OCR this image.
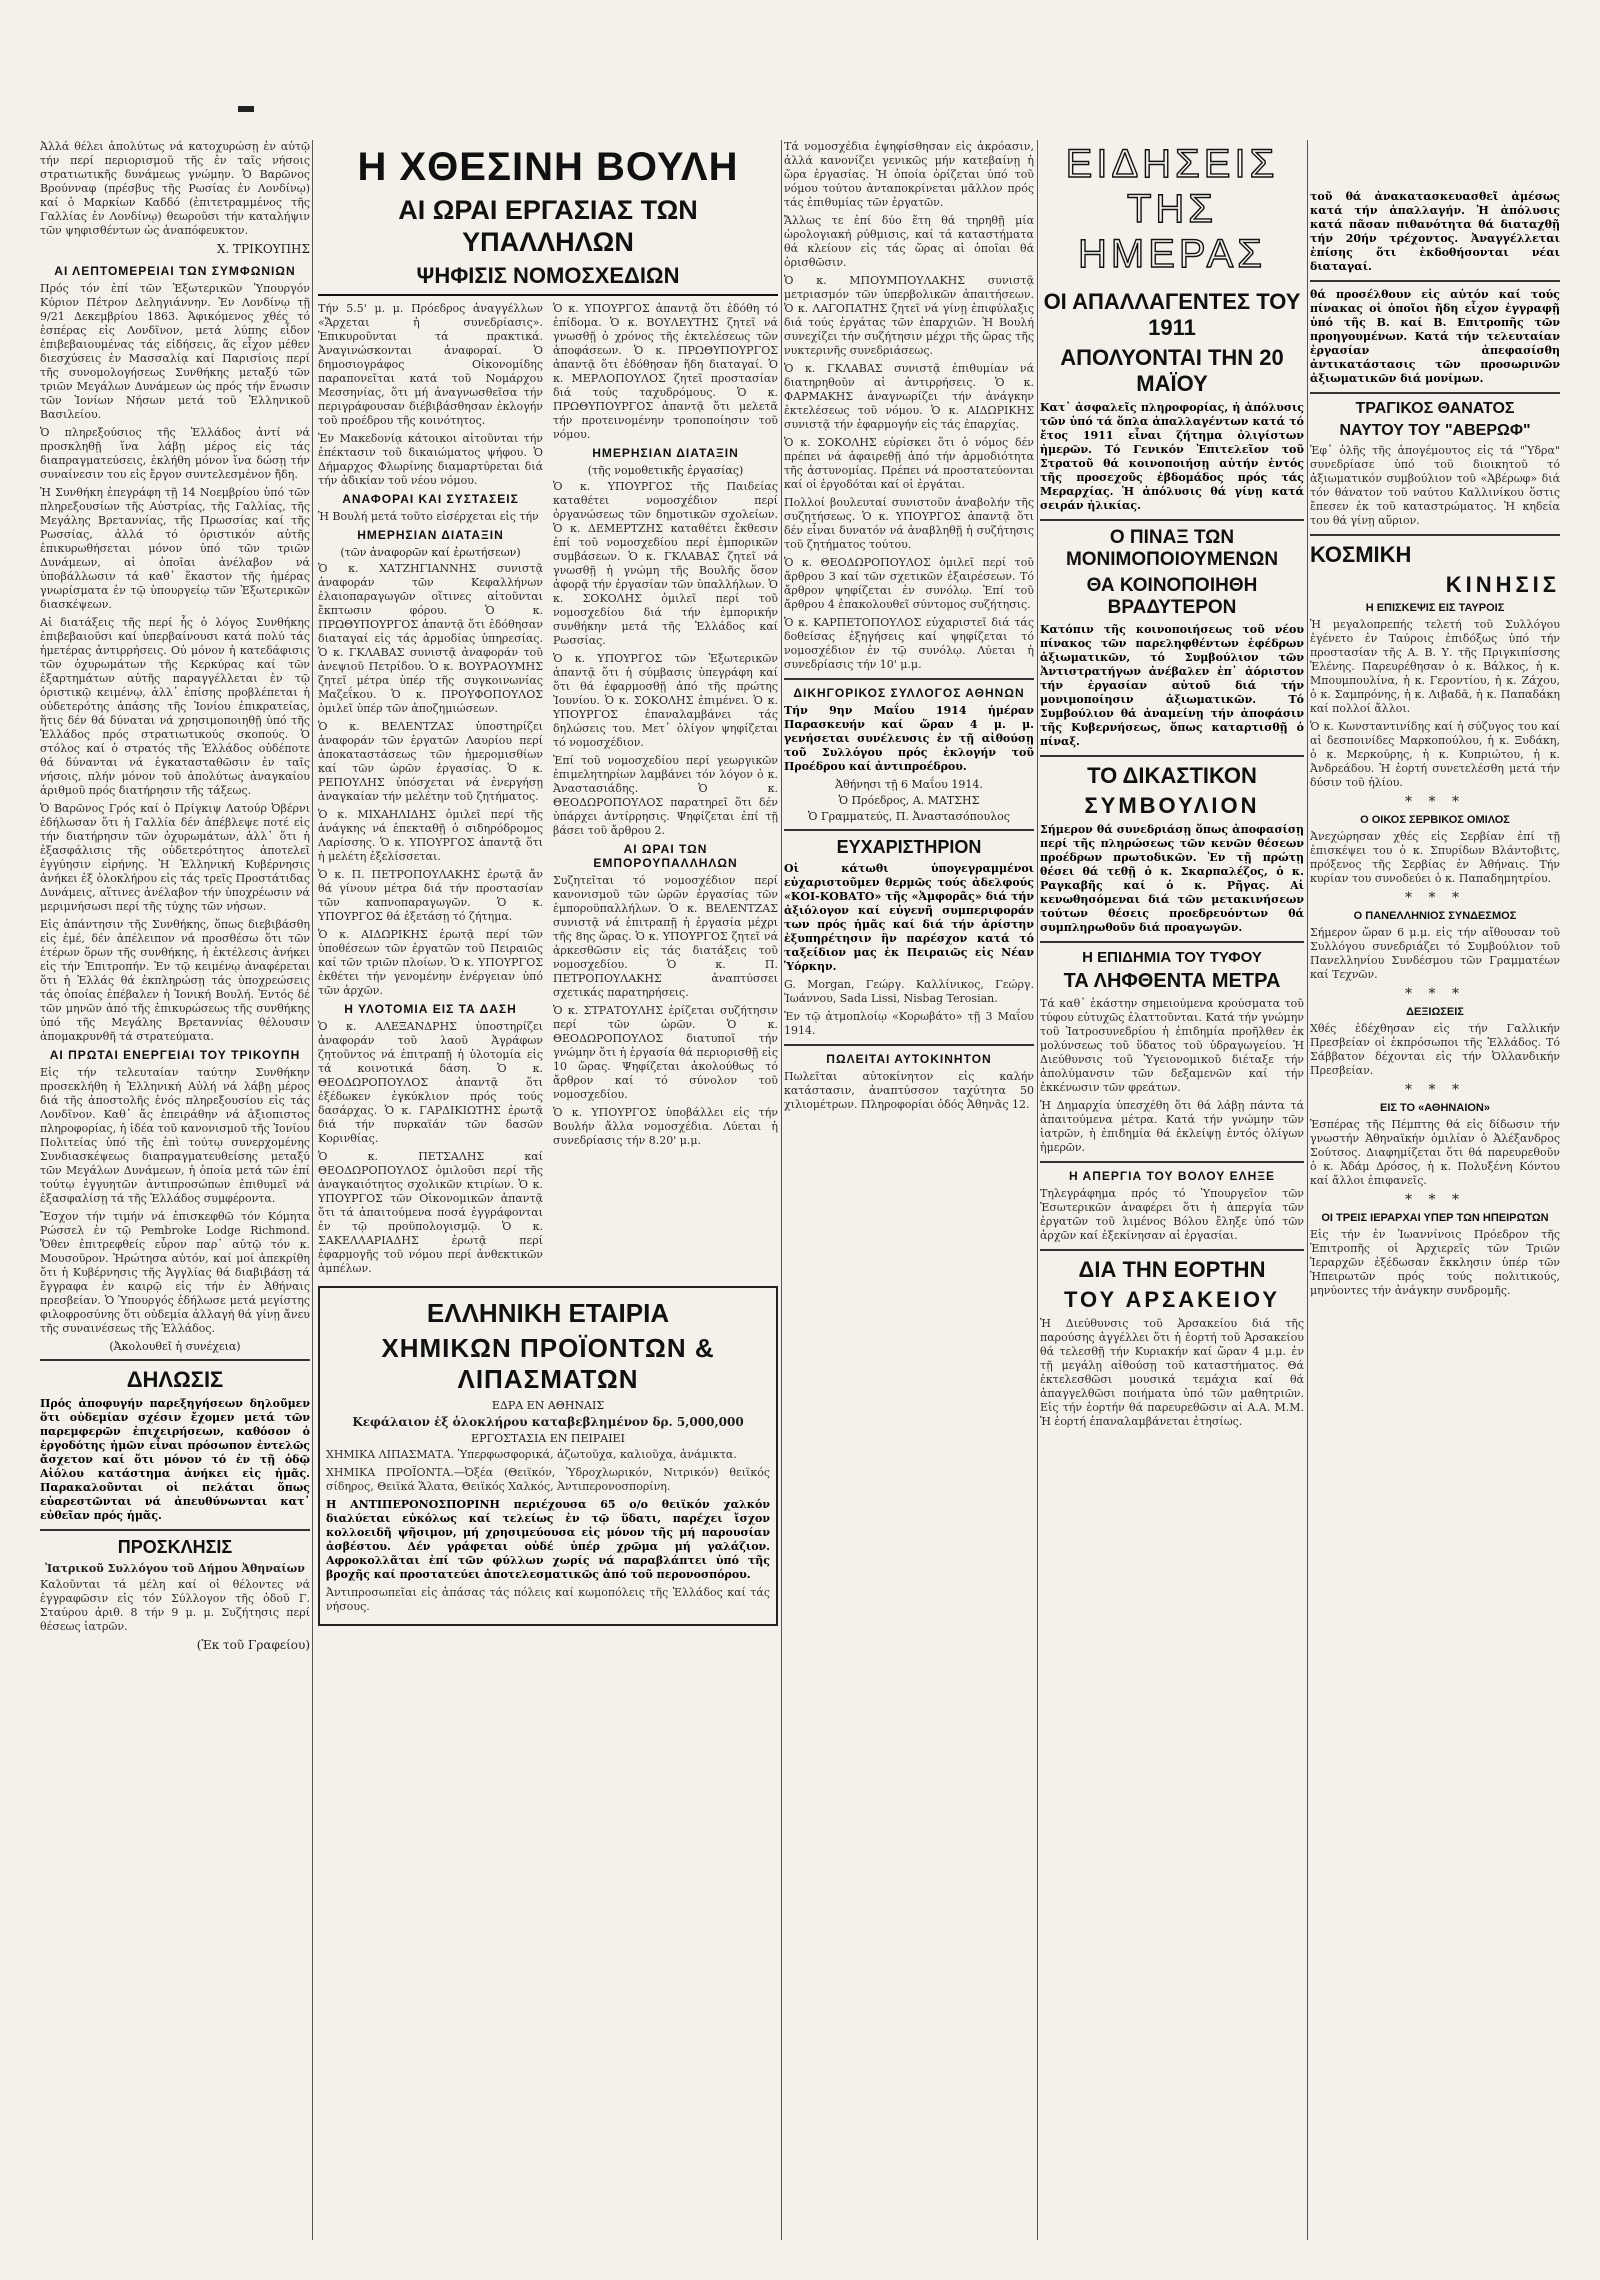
Ἀλλά θέλει ἀπολύτως νά κατοχυρώσῃ ἐν αὐτῷ τήν περί περιορισμοῦ τῆς ἐν ταῖς νήσοις στρατιωτικῆς δυνάμεως γνώμην. Ὁ Βαρῶνος Βρούνναφ (πρέσβυς τῆς Ρωσίας ἐν Λονδίνῳ) καί ὁ Μαρκίων Καδδό (ἐπιτετραμμένος τῆς Γαλλίας ἐν Λονδίνῳ) θεωροῦσι τήν καταλήψιν τῶν ψηφισθέντων ὡς ἀναπόφευκτον.

Χ. ΤΡΙΚΟΥΠΗΣ
ΑΙ ΛΕΠΤΟΜΕΡΕΙΑΙ ΤΩΝ ΣΥΜΦΩΝΙΩΝ

Πρός τόν ἐπί τῶν Ἐξωτερικῶν Ὑπουργόν Κύριον Πέτρον Δεληγιάννην. Ἐν Λονδίνῳ τῇ 9/21 Δεκεμβρίου 1863. Ἀφικόμενος χθές τό ἑσπέρας εἰς Λονδῖνον, μετά λύπης εἶδον ἐπιβεβαιουμένας τάς εἰδήσεις, ἅς εἶχον μέθεν διεσχύσεις ἐν Μασσαλίᾳ καί Παρισίοις περί τῆς συνομολογήσεως Συνθήκης μεταξύ τῶν τριῶν Μεγάλων Δυνάμεων ὡς πρός τήν ἕνωσιν τῶν Ἰονίων Νήσων μετά τοῦ Ἑλληνικοῦ Βασιλείου.

Ὁ πληρεξούσιος τῆς Ἑλλάδος ἀντί νά προσκληθῇ ἵνα λάβῃ μέρος εἰς τάς διαπραγματεύσεις, ἐκλήθη μόνον ἵνα δώσῃ τήν συναίνεσιν του εἰς ἔργον συντελεσμένον ἤδη.

Ἡ Συνθήκη ἐπεγράφη τῇ 14 Νοεμβρίου ὑπό τῶν πληρεξουσίων τῆς Αὐστρίας, τῆς Γαλλίας, τῆς Μεγάλης Βρεταννίας, τῆς Πρωσσίας καί τῆς Ρωσσίας, ἀλλά τό ὁριστικόν αὐτῆς ἐπικυρωθήσεται μόνον ὑπό τῶν τριῶν Δυνάμεων, αἱ ὁποῖαι ἀνέλαβον νά ὑποβάλλωσιν τά καθ᾽ ἕκαστον τῆς ἡμέρας γνωρίσματα ἐν τῷ ὑπουργείῳ τῶν Ἐξωτερικῶν διασκέψεων.

Αἱ διατάξεις τῆς περί ἧς ὁ λόγος Συνθήκης ἐπιβεβαιοῦσι καί ὑπερβαίνουσι κατά πολύ τάς ἡμετέρας ἀντιρρήσεις. Οὐ μόνον ἡ κατεδάφισις τῶν ὀχυρωμάτων τῆς Κερκύρας καί τῶν ἐξαρτημάτων αὐτῆς παραγγέλλεται ἐν τῷ ὁριστικῷ κειμένῳ, ἀλλ᾽ ἐπίσης προβλέπεται ἡ οὐδετερότης ἁπάσης τῆς Ἰονίου ἐπικρατείας, ἥτις δέν θά δύναται νά χρησιμοποιηθῇ ὑπό τῆς Ἑλλάδος πρός στρατιωτικούς σκοπούς. Ὁ στόλος καί ὁ στρατός τῆς Ἑλλάδος οὐδέποτε θά δύνανται νά ἐγκατασταθῶσιν ἐν ταῖς νήσοις, πλήν μόνον τοῦ ἀπολύτως ἀναγκαίου ἀριθμοῦ πρός διατήρησιν τῆς τάξεως.

Ὁ Βαρῶνος Γρός καί ὁ Πρίγκιψ Λατούρ Ὀβέρνι ἐδήλωσαν ὅτι ἡ Γαλλία δέν ἀπέβλεψε ποτέ εἰς τήν διατήρησιν τῶν ὀχυρωμάτων, ἀλλ᾽ ὅτι ἡ ἐξασφάλισις τῆς οὐδετερότητος ἀποτελεῖ ἐγγύησιν εἰρήνης. Ἡ Ἑλληνική Κυβέρνησις ἀνήκει ἐξ ὁλοκλήρου εἰς τάς τρεῖς Προστάτιδας Δυνάμεις, αἵτινες ἀνέλαβον τήν ὑποχρέωσιν νά μεριμνήσωσι περί τῆς τύχης τῶν νήσων.

Εἰς ἀπάντησιν τῆς Συνθήκης, ὅπως διεβιβάσθη εἰς ἐμέ, δέν ἀπέλειπον νά προσθέσω ὅτι τῶν ἐτέρων ὅρων τῆς συνθήκης, ἡ ἐκτέλεσις ἀνήκει εἰς τήν Ἐπιτροπήν. Ἐν τῷ κειμένῳ ἀναφέρεται ὅτι ἡ Ἑλλάς θά ἐκπληρώσῃ τάς ὑποχρεώσεις τάς ὁποίας ἐπέβαλεν ἡ Ἰονική Βουλή. Ἐντός δέ τῶν μηνῶν ἀπό τῆς ἐπικυρώσεως τῆς συνθήκης ὑπό τῆς Μεγάλης Βρεταννίας θέλουσιν ἀπομακρυνθῆ τά στρατεύματα.

ΑΙ ΠΡΩΤΑΙ ΕΝΕΡΓΕΙΑΙ ΤΟΥ ΤΡΙΚΟΥΠΗ

Εἰς τήν τελευταίαν ταύτην Συνθήκην προσεκλήθη ἡ Ἑλληνική Αὐλή νά λάβῃ μέρος διά τῆς ἀποστολῆς ἑνός πληρεξουσίου εἰς τάς Λονδῖνον. Καθ᾽ ἅς ἐπειράθην νά ἀξιοπιστος πληροφορίας, ἡ ἰδέα τοῦ κανονισμοῦ τῆς Ἰονίου Πολιτείας ὑπό τῆς ἐπὶ τούτῳ συνερχομένης Συνδιασκέψεως διαπραγματευθείσης μεταξύ τῶν Μεγάλων Δυνάμεων, ἡ ὁποία μετά τῶν ἐπί τούτῳ ἐγγυητῶν ἀντιπροσώπων ἐπιθυμεῖ νά ἐξασφαλίσῃ τά τῆς Ἑλλάδος συμφέροντα.

Ἔσχον τήν τιμήν νά ἐπισκεφθῶ τόν Κόμητα Ρώσσελ ἐν τῷ Pembroke Lodge Richmond. Ὅθεν ἐπιτρεφθείς εὗρον παρ᾽ αὐτῷ τόν κ. Μουσοῦρον. Ἠρώτησα αὐτόν, καί μοί ἀπεκρίθη ὅτι ἡ Κυβέρνησις τῆς Ἀγγλίας θά διαβιβάσῃ τά ἔγγραφα ἐν καιρῷ εἰς τήν ἐν Ἀθήναις πρεσβείαν. Ὁ Ὑπουργός ἐδήλωσε μετά μεγίστης φιλοφροσύνης ὅτι οὐδεμία ἀλλαγή θά γίνῃ ἄνευ τῆς συναινέσεως τῆς Ἑλλάδος.

(Ἀκολουθεῖ ἡ συνέχεια)
ΔΗΛΩΣΙΣ

Πρός ἀποφυγήν παρεξηγήσεων δηλοῦμεν ὅτι οὐδεμίαν σχέσιν ἔχομεν μετά τῶν παρεμφερῶν ἐπιχειρήσεων, καθόσον ὁ ἐργοδότης ἡμῶν εἶναι πρόσωπον ἐντελῶς ἄσχετον καί ὅτι μόνον τό ἐν τῇ ὁδῷ Αἰόλου κατάστημα ἀνήκει εἰς ἡμᾶς. Παρακαλοῦνται οἱ πελάται ὅπως εὐαρεστῶνται νά ἀπευθύνωνται κατ᾽ εὐθεῖαν πρός ἡμᾶς.

ΠΡΟΣΚΛΗΣΙΣ
Ἰατρικοῦ Συλλόγου τοῦ Δήμου Ἀθηναίων

Καλοῦνται τά μέλη καί οἱ θέλοντες νά ἐγγραφῶσιν εἰς τόν Σύλλογον τῆς ὁδοῦ Γ. Σταύρου ἀριθ. 8 τήν 9 μ. μ. Συζήτησις περί θέσεως ἰατρῶν.

(Ἐκ τοῦ Γραφείου)
Η ΧΘΕΣΙΝΗ ΒΟΥΛΗ
ΑΙ ΩΡΑΙ ΕΡΓΑΣΙΑΣ ΤΩΝ ΥΠΑΛΛΗΛΩΝ
ΨΗΦΙΣΙΣ ΝΟΜΟΣΧΕΔΙΩΝ

Τήν 5.5' μ. μ. Πρόεδρος ἀναγγέλλων «Ἄρχεται ἡ συνεδρίασις». Ἐπικυροῦνται τά πρακτικά. Ἀναγινώσκονται ἀναφοραί. Ὁ δημοσιογράφος Οἰκονομίδης παραπονεῖται κατά τοῦ Νομάρχου Μεσσηνίας, ὅτι μή ἀναγνωσθεῖσα τήν περιγράφουσαν διέβιβάσθησαν ἐκλογήν τοῦ προέδρου τῆς κοινότητος.

Ἐν Μακεδονίᾳ κάτοικοι αἰτοῦνται τήν ἐπέκτασιν τοῦ δικαιώματος ψήφου. Ὁ Δήμαρχος Φλωρίνης διαμαρτύρεται διά τήν ἀδικίαν τοῦ νέου νόμου.

ΑΝΑΦΟΡΑΙ ΚΑΙ ΣΥΣΤΑΣΕΙΣ

Ἡ Βουλή μετά τοῦτο εἰσέρχεται εἰς τήν

ΗΜΕΡΗΣΙΑΝ ΔΙΑΤΑΞΙΝ
(τῶν ἀναφορῶν καί ἐρωτήσεων)

Ὁ κ. ΧΑΤΖΗΓΙΑΝΝΗΣ συνιστᾷ ἀναφοράν τῶν Κεφαλλήνων ἐλαιοπαραγωγῶν οἵτινες αἰτοῦνται ἔκπτωσιν φόρου. Ὁ κ. ΠΡΩΘΥΠΟΥΡΓΟΣ ἀπαντᾷ ὅτι ἐδόθησαν διαταγαί εἰς τάς ἁρμοδίας ὑπηρεσίας. Ὁ κ. ΓΚΛΑΒΑΣ συνιστᾷ ἀναφοράν τοῦ ἀνεψιοῦ Πετρίδου. Ὁ κ. ΒΟΥΡΑΟΥΜΗΣ ζητεῖ μέτρα ὑπέρ τῆς συγκοινωνίας Μαζεΐκου. Ὁ κ. ΠΡΟΥΦΟΠΟΥΛΟΣ ὁμιλεῖ ὑπέρ τῶν ἀποζημιώσεων.

Ὁ κ. ΒΕΛΕΝΤΖΑΣ ὑποστηρίζει ἀναφοράν τῶν ἐργατῶν Λαυρίου περί ἀποκαταστάσεως τῶν ἡμερομισθίων καί τῶν ὡρῶν ἐργασίας. Ὁ κ. ΡΕΠΟΥΛΗΣ ὑπόσχεται νά ἐνεργήσῃ ἀναγκαίαν τήν μελέτην τοῦ ζητήματος.

Ὁ κ. ΜΙΧΑΗΛΙΔΗΣ ὁμιλεῖ περί τῆς ἀνάγκης νά ἐπεκταθῇ ὁ σιδηρόδρομος Λαρίσσης. Ὁ κ. ΥΠΟΥΡΓΟΣ ἀπαντᾷ ὅτι ἡ μελέτη ἐξελίσσεται.

Ὁ κ. Π. ΠΕΤΡΟΠΟΥΛΑΚΗΣ ἐρωτᾷ ἄν θά γίνουν μέτρα διά τήν προστασίαν τῶν καπνοπαραγωγῶν. Ὁ κ. ΥΠΟΥΡΓΟΣ θά ἐξετάσῃ τό ζήτημα.

Ὁ κ. ΑΙΔΩΡΙΚΗΣ ἐρωτᾷ περί τῶν ὑποθέσεων τῶν ἐργατῶν τοῦ Πειραιῶς καί τῶν τριῶν πλοίων. Ὁ κ. ΥΠΟΥΡΓΟΣ ἐκθέτει τήν γενομένην ἐνέργειαν ὑπό τῶν ἀρχῶν.

Η ΥΛΟΤΟΜΙΑ ΕΙΣ ΤΑ ΔΑΣΗ

Ὁ κ. ΑΛΕΞΑΝΔΡΗΣ ὑποστηρίζει ἀναφοράν τοῦ λαοῦ Ἀγράφων ζητοῦντος νά ἐπιτραπῇ ἡ ὑλοτομία εἰς τά κοινοτικά δάση. Ὁ κ. ΘΕΟΔΩΡΟΠΟΥΛΟΣ ἀπαντᾷ ὅτι ἐξέδωκεν ἐγκύκλιον πρός τούς δασάρχας. Ὁ κ. ΓΑΡΔΙΚΙΩΤΗΣ ἐρωτᾷ διά τήν πυρκαϊάν τῶν δασῶν Κορινθίας.

Ὁ κ. ΠΕΤΣΑΛΗΣ καί ΘΕΟΔΩΡΟΠΟΥΛΟΣ ὁμιλοῦσι περί τῆς ἀναγκαιότητος σχολικῶν κτιρίων. Ὁ κ. ΥΠΟΥΡΓΟΣ τῶν Οἰκονομικῶν ἀπαντᾷ ὅτι τά ἀπαιτούμενα ποσά ἐγγράφονται ἐν τῷ προϋπολογισμῷ. Ὁ κ. ΣΑΚΕΛΛΑΡΙΑΔΗΣ ἐρωτᾷ περί ἐφαρμογῆς τοῦ νόμου περί ἀνθεκτικῶν ἀμπέλων.

Ὁ κ. ΥΠΟΥΡΓΟΣ ἀπαντᾷ ὅτι ἐδόθη τό ἐπίδομα. Ὁ κ. ΒΟΥΛΕΥΤΗΣ ζητεῖ νά γνωσθῇ ὁ χρόνος τῆς ἐκτελέσεως τῶν ἀποφάσεων. Ὁ κ. ΠΡΩΘΥΠΟΥΡΓΟΣ ἀπαντᾷ ὅτι ἐδόθησαν ἤδη διαταγαί. Ὁ κ. ΜΕΡΛΟΠΟΥΛΟΣ ζητεῖ προστασίαν διά τούς ταχυδρόμους. Ὁ κ. ΠΡΩΘΥΠΟΥΡΓΟΣ ἀπαντᾷ ὅτι μελετᾶ τήν προτεινομένην τροποποίησιν τοῦ νόμου.

ΗΜΕΡΗΣΙΑΝ ΔΙΑΤΑΞΙΝ
(τῆς νομοθετικῆς ἐργασίας)

Ὁ κ. ΥΠΟΥΡΓΟΣ τῆς Παιδείας καταθέτει νομοσχέδιον περί ὀργανώσεως τῶν δημοτικῶν σχολείων. Ὁ κ. ΔΕΜΕΡΤΖΗΣ καταθέτει ἔκθεσιν ἐπί τοῦ νομοσχεδίου περί ἐμπορικῶν συμβάσεων. Ὁ κ. ΓΚΛΑΒΑΣ ζητεῖ νά γνωσθῇ ἡ γνώμη τῆς Βουλῆς ὅσον ἀφορᾷ τήν ἐργασίαν τῶν ὑπαλλήλων. Ὁ κ. ΣΟΚΟΛΗΣ ὁμιλεῖ περί τοῦ νομοσχεδίου διά τήν ἐμπορικήν συνθήκην μετά τῆς Ἐλλάδος καί Ρωσσίας.

Ὁ κ. ΥΠΟΥΡΓΟΣ τῶν Ἐξωτερικῶν ἀπαντᾷ ὅτι ἡ σύμβασις ὑπεγράφη καί ὅτι θά ἐφαρμοσθῇ ἀπό τῆς πρώτης Ἰουνίου. Ὁ κ. ΣΟΚΟΛΗΣ ἐπιμένει. Ὁ κ. ΥΠΟΥΡΓΟΣ ἐπαναλαμβάνει τάς δηλώσεις του. Μετ᾽ ὀλίγον ψηφίζεται τό νομοσχέδιον.

Ἐπί τοῦ νομοσχεδίου περί γεωργικῶν ἐπιμελητηρίων λαμβάνει τόν λόγον ὁ κ. Ἀναστασιάδης. Ὁ κ. ΘΕΟΔΩΡΟΠΟΥΛΟΣ παρατηρεῖ ὅτι δέν ὑπάρχει ἀντίρρησις. Ψηφίζεται ἐπί τῇ βάσει τοῦ ἄρθρου 2.

ΑΙ ΩΡΑΙ ΤΩΝ ΕΜΠΟΡΟΥΠΑΛΛΗΛΩΝ

Συζητεῖται τό νομοσχέδιον περί κανονισμοῦ τῶν ὡρῶν ἐργασίας τῶν ἐμποροϋπαλλήλων. Ὁ κ. ΒΕΛΕΝΤΖΑΣ συνιστᾷ νά ἐπιτραπῇ ἡ ἐργασία μέχρι τῆς 8ης ὥρας. Ὁ κ. ΥΠΟΥΡΓΟΣ ζητεῖ νά ἀρκεσθῶσιν εἰς τάς διατάξεις τοῦ νομοσχεδίου. Ὁ κ. Π. ΠΕΤΡΟΠΟΥΛΑΚΗΣ ἀναπτύσσει σχετικάς παρατηρήσεις.

Ὁ κ. ΣΤΡΑΤΟΥΛΗΣ ἐρίζεται συζήτησιν περί τῶν ὡρῶν. Ὁ κ. ΘΕΟΔΩΡΟΠΟΥΛΟΣ διατυποῖ τήν γνώμην ὅτι ἡ ἐργασία θά περιορισθῇ εἰς 10 ὥρας. Ψηφίζεται ἀκολούθως τό ἄρθρον καί τό σύνολον τοῦ νομοσχεδίου.

Ὁ κ. ΥΠΟΥΡΓΟΣ ὑποβάλλει εἰς τήν Βουλήν ἄλλα νομοσχέδια. Λύεται ἡ συνεδρίασις τήν 8.20' μ.μ.

ΕΛΛΗΝΙΚΗ ΕΤΑΙΡΙΑ
ΧΗΜΙΚΩΝ ΠΡΟΪΟΝΤΩΝ & ΛΙΠΑΣΜΑΤΩΝ
ΕΔΡΑ ΕΝ ΑΘΗΝΑΙΣ
Κεφάλαιον ἐξ ὁλοκλήρου καταβεβλημένον δρ. 5,000,000
ΕΡΓΟΣΤΑΣΙΑ ΕΝ ΠΕΙΡΑΙΕΙ

ΧΗΜΙΚΑ ΛΙΠΑΣΜΑΤΑ. Ὑπερφωσφορικά, ἀζωτοῦχα, καλιοῦχα, ἀνάμικτα.

ΧΗΜΙΚΑ ΠΡΟΪΟΝΤΑ.—Ὀξέα (Θειϊκόν, Ὑδροχλωρικόν, Νιτρικόν) θειϊκός σίδηρος, Θειϊκά Ἅλατα, Θειϊκός Χαλκός, Ἀντιπερονοσπορίνη.

Η ΑΝΤΙΠΕΡΟΝΟΣΠΟΡΙΝΗ περιέχουσα 65 ο/ο θειϊκόν χαλκόν διαλύεται εὐκόλως καί τελείως ἐν τῷ ὕδατι, παρέχει ἴσχον κολλοειδῆ ψῆσιμον, μή χρησιμεύουσα εἰς μόνον τῆς μή παρουσίαν ἀσβέστου. Δέν γράφεται οὐδέ ὑπέρ χρῶμα μή γαλάζιον. Αφροκολλᾶται ἐπί τῶν φύλλων χωρίς νά παραβλάπτει ὑπό τῆς βροχῆς καί προστατεύει ἀποτελεσματικῶς ἀπό τοῦ περονοσπόρου.

Ἀντιπροσωπεῖαι εἰς ἁπάσας τάς πόλεις καί κωμοπόλεις τῆς Ἑλλάδος καί τάς νήσους.

Τά νομοσχέδια ἐψηφίσθησαν εἰς ἀκρόασιν, ἀλλά κανονίζει γενικῶς μήν κατεβαίνῃ ἡ ὥρα ἐργασίας. Ἡ ὁποία ὁρίζεται ὑπό τοῦ νόμου τούτου ἀνταποκρίνεται μᾶλλον πρός τάς ἐπιθυμίας τῶν ἐργατῶν.

Ἄλλως τε ἐπί δύο ἔτη θά τηρηθῇ μία ὡρολογιακή ρύθμισις, καί τά καταστήματα θά κλείουν εἰς τάς ὥρας αἱ ὁποῖαι θά ὁρισθῶσιν.

Ὁ κ. ΜΠΟΥΜΠΟΥΛΑΚΗΣ συνιστᾷ μετριασμόν τῶν ὑπερβολικῶν ἀπαιτήσεων. Ὁ κ. ΛΑΓΟΠΑΤΗΣ ζητεῖ νά γίνῃ ἐπιφύλαξις διά τούς ἐργάτας τῶν ἐπαρχιῶν. Ἡ Βουλή συνεχίζει τήν συζήτησιν μέχρι τῆς ὥρας τῆς νυκτερινῆς συνεδριάσεως.

Ὁ κ. ΓΚΛΑΒΑΣ συνιστᾷ ἐπιθυμίαν νά διατηρηθοῦν αἱ ἀντιρρήσεις. Ὁ κ. ΦΑΡΜΑΚΗΣ ἀναγνωρίζει τήν ἀνάγκην ἐκτελέσεως τοῦ νόμου. Ὁ κ. ΑΙΔΩΡΙΚΗΣ συνιστᾷ τήν ἐφαρμογήν εἰς τάς ἐπαρχίας.

Ὁ κ. ΣΟΚΟΛΗΣ εὑρίσκει ὅτι ὁ νόμος δέν πρέπει νά ἀφαιρεθῇ ἀπό τήν ἀρμοδιότητα τῆς ἀστυνομίας. Πρέπει νά προστατεύονται καί οἱ ἐργοδόται καί οἱ ἐργάται.

Πολλοί βουλευταί συνιστοῦν ἀναβολήν τῆς συζητήσεως. Ὁ κ. ΥΠΟΥΡΓΟΣ ἀπαντᾷ ὅτι δέν εἶναι δυνατόν νά ἀναβληθῇ ἡ συζήτησις τοῦ ζητήματος τούτου.

Ὁ κ. ΘΕΟΔΩΡΟΠΟΥΛΟΣ ὁμιλεῖ περί τοῦ ἄρθρου 3 καί τῶν σχετικῶν ἐξαιρέσεων. Τό ἄρθρον ψηφίζεται ἐν συνόλῳ. Ἐπί τοῦ ἄρθρου 4 ἐπακολουθεῖ σύντομος συζήτησις.

Ὁ κ. ΚΑΡΠΕΤΟΠΟΥΛΟΣ εὐχαριστεῖ διά τάς δοθείσας ἐξηγήσεις καί ψηφίζεται τό νομοσχέδιον ἐν τῷ συνόλῳ. Λύεται ἡ συνεδρίασις τήν 10' μ.μ.

ΔΙΚΗΓΟΡΙΚΟΣ ΣΥΛΛΟΓΟΣ ΑΘΗΝΩΝ

Τήν 9ην Μαΐου 1914 ἡμέραν Παρασκευήν καί ὥραν 4 μ. μ. γενήσεται συνέλευσις ἐν τῇ αἰθούσῃ τοῦ Συλλόγου πρός ἐκλογήν τοῦ Προέδρου καί ἀντιπροέδρου.

Ἀθήνησι τῇ 6 Μαΐου 1914.
Ὁ Πρόεδρος, Α. ΜΑΤΣΗΣ
Ὁ Γραμματεύς, Π. Ἀναστασόπουλος
ΕΥΧΑΡΙΣΤΗΡΙΟΝ

Οἱ κάτωθι ὑπογεγραμμένοι εὐχαριστοῦμεν θερμῶς τούς ἀδελφούς «ΚΟΙ-ΚΟΒΑΤΟ» τῆς «Ἀμφορᾶς» διά τήν ἀξιόλογον καί εὐγενῆ συμπεριφοράν των πρός ἡμᾶς καί διά τήν ἀρίστην ἐξυπηρέτησιν ἣν παρέσχον κατά τό ταξείδιον μας ἐκ Πειραιῶς εἰς Νέαν Ὑόρκην.

G. Morgan, Γεώργ. Καλλίνικος, Γεώργ. Ἰωάννου, Sada Lissi, Nisbag Terosian.

Ἐν τῷ ἀτμοπλοίῳ «Κορωβάτο» τῇ 3 Μαΐου 1914.

ΠΩΛΕΙΤΑΙ ΑΥΤΟΚΙΝΗΤΟΝ

Πωλεῖται αὐτοκίνητον εἰς καλήν κατάστασιν, ἀναπτύσσον ταχύτητα 50 χιλιομέτρων. Πληροφορίαι ὁδός Ἀθηνᾶς 12.

ΕΙΔΗΣΕΙΣ ΤΗΣ ΗΜΕΡΑΣ
ΟΙ ΑΠΑΛΛΑΓΕΝΤΕΣ ΤΟΥ 1911
ΑΠΟΛΥΟΝΤΑΙ ΤΗΝ 20 ΜΑΪΟΥ

Κατ᾽ ἀσφαλεῖς πληροφορίας, ἡ ἀπόλυσις τῶν ὑπό τά ὅπλα ἀπαλλαγέντων κατά τό ἔτος 1911 εἶναι ζήτημα ὀλιγίστων ἡμερῶν. Τό Γενικόν Ἐπιτελεῖον τοῦ Στρατοῦ θά κοινοποιήσῃ αὐτήν ἐντός τῆς προσεχοῦς ἑβδομάδος πρός τάς Μεραρχίας. Ἡ ἀπόλυσις θά γίνῃ κατά σειράν ἡλικίας.

Ο ΠΙΝΑΞ ΤΩΝ ΜΟΝΙΜΟΠΟΙΟΥΜΕΝΩΝ
ΘΑ ΚΟΙΝΟΠΟΙΗΘΗ ΒΡΑΔΥΤΕΡΟΝ

Κατόπιν τῆς κοινοποιήσεως τοῦ νέου πίνακος τῶν παρεληφθέντων ἐφέδρων ἀξιωματικῶν, τό Συμβούλιον τῶν Ἀντιστρατήγων ἀνέβαλεν ἐπ᾽ ἀόριστον τήν ἐργασίαν αὐτοῦ διά τήν μονιμοποίησιν ἀξιωματικῶν. Τό Συμβούλιον θά ἀναμείνῃ τήν ἀποφάσιν τῆς Κυβερνήσεως, ὅπως καταρτισθῇ ὁ πίναξ.

ΤΟ ΔΙΚΑΣΤΙΚΟΝ
ΣΥΜΒΟΥΛΙΟΝ

Σήμερον θά συνεδριάσῃ ὅπως ἀποφασίσῃ περί τῆς πληρώσεως τῶν κενῶν θέσεων προέδρων πρωτοδικῶν. Ἐν τῇ πρώτῃ θέσει θά τεθῇ ὁ κ. Σκαρπαλέζος, ὁ κ. Ραγκαβῆς καί ὁ κ. Ρῆγας. Αἱ κενωθησόμεναι διά τῶν μετακινήσεων τούτων θέσεις προεδρευόντων θά συμπληρωθοῦν διά προαγωγῶν.

Η ΕΠΙΔΗΜΙΑ ΤΟΥ ΤΥΦΟΥ
ΤΑ ΛΗΦΘΕΝΤΑ ΜΕΤΡΑ

Τά καθ᾽ ἑκάστην σημειούμενα κρούσματα τοῦ τύφου εὐτυχῶς ἐλαττοῦνται. Κατά τήν γνώμην τοῦ Ἰατροσυνεδρίου ἡ ἐπιδημία προῆλθεν ἐκ μολύνσεως τοῦ ὕδατος τοῦ ὑδραγωγείου. Ἡ Διεύθυνσις τοῦ Ὑγειονομικοῦ διέταξε τήν ἀπολύμανσιν τῶν δεξαμενῶν καί τήν ἐκκένωσιν τῶν φρεάτων.

Ἡ Δημαρχία ὑπεσχέθη ὅτι θά λάβῃ πάντα τά ἀπαιτούμενα μέτρα. Κατά τήν γνώμην τῶν ἰατρῶν, ἡ ἐπιδημία θά ἐκλείψῃ ἐντός ὀλίγων ἡμερῶν.

Η ΑΠΕΡΓΙΑ ΤΟΥ ΒΟΛΟΥ ΕΛΗΞΕ

Τηλεγράφημα πρός τό Ὑπουργεῖον τῶν Ἐσωτερικῶν ἀναφέρει ὅτι ἡ ἀπεργία τῶν ἐργατῶν τοῦ λιμένος Βόλου ἔληξε ὑπό τῶν ἀρχῶν καί ἐξεκίνησαν αἱ ἐργασίαι.

ΔΙΑ ΤΗΝ ΕΟΡΤΗΝ
ΤΟΥ ΑΡΣΑΚΕΙΟΥ

Ἡ Διεύθυνσις τοῦ Ἀρσακείου διά τῆς παρούσης ἀγγέλλει ὅτι ἡ ἑορτή τοῦ Ἀρσακείου θά τελεσθῇ τήν Κυριακήν καί ὥραν 4 μ.μ. ἐν τῇ μεγάλῃ αἰθούσῃ τοῦ καταστήματος. Θά ἐκτελεσθῶσι μουσικά τεμάχια καί θά ἀπαγγελθῶσι ποιήματα ὑπό τῶν μαθητριῶν. Εἰς τήν ἑορτήν θά παρευρεθῶσιν αἱ Α.Α. Μ.Μ. Ἡ ἑορτή ἐπαναλαμβάνεται ἐτησίως.

τοῦ θά ἀνακατασκευασθεῖ ἀμέσως κατά τήν ἀπαλλαγήν. Ἡ ἀπόλυσις κατά πᾶσαν πιθανότητα θά διαταχθῇ τήν 20ήν τρέχοντος. Ἀναγγέλλεται ἐπίσης ὅτι ἐκδοθήσονται νέαι διαταγαί.

θά προσέλθουν εἰς αὐτόν καί τούς πίνακας οἱ ὁποῖοι ἤδη εἶχον ἐγγραφῇ ὑπό τῆς Β. καί Β. Επιτροπῆς τῶν προηγουμένων. Κατά τήν τελευταίαν ἐργασίαν ἀπεφασίσθη ἀντικατάστασις τῶν προσωρινῶν ἀξιωματικῶν διά μονίμων.

ΤΡΑΓΙΚΟΣ ΘΑΝΑΤΟΣ
ΝΑΥΤΟΥ ΤΟΥ "ΑΒΕΡΩΦ"

Ἐφ᾽ ὁλῆς τῆς ἀπογέμουτος εἰς τά "Ὑδρα" συνεδρίασε ὑπό τοῦ διοικητοῦ τό ἀξιωματικόν συμβούλιον τοῦ «Ἀβέρωφ» διά τόν θάνατον τοῦ ναύτου Καλλινίκου ὅστις ἔπεσεν ἐκ τοῦ καταστρώματος. Ἡ κηδεία του θά γίνῃ αὔριον.

ΚΟΣΜΙΚΗ
ΚΙΝΗΣΙΣ
Η ΕΠΙΣΚΕΨΙΣ ΕΙΣ ΤΑΥΡΟΙΣ

Ἡ μεγαλοπρεπής τελετή τοῦ Συλλόγου ἐγένετο ἐν Ταύροις ἐπιδόξως ὑπό τήν προστασίαν τῆς Α. Β. Υ. τῆς Πριγκιπίσσης Ἑλένης. Παρευρέθησαν ὁ κ. Βάλκος, ἡ κ. Μπουμπουλίνα, ἡ κ. Γεροντίου, ἡ κ. Ζάχου, ὁ κ. Σαμπρόνης, ἡ κ. Λιβαδᾶ, ἡ κ. Παπαδάκη καί πολλοί ἄλλοι.

Ὁ κ. Κωνσταντινίδης καί ἡ σύζυγος του καί αἱ δεσποινίδες Μαρκοπούλου, ἡ κ. Ξυδάκη, ὁ κ. Μερκούρης, ἡ κ. Κυπριώτου, ἡ κ. Ἀνδρεάδου. Ἡ ἑορτή συνετελέσθη μετά τήν δύσιν τοῦ ἡλίου.

* * *
Ο ΟΙΚΟΣ ΣΕΡΒΙΚΟΣ ΟΜΙΛΟΣ

Ἀνεχώρησαν χθές εἰς Σερβίαν ἐπί τῇ ἐπισκέψει του ὁ κ. Σπυρίδων Βλάντοβιτς, πρόξενος τῆς Σερβίας ἐν Ἀθήναις. Τήν κυρίαν του συνοδεύει ὁ κ. Παπαδημητρίου.

* * *
Ο ΠΑΝΕΛΛΗΝΙΟΣ ΣΥΝΔΕΣΜΟΣ

Σήμερον ὥραν 6 μ.μ. εἰς τήν αἴθουσαν τοῦ Συλλόγου συνεδριάζει τό Συμβούλιον τοῦ Πανελληνίου Συνδέσμου τῶν Γραμματέων καί Τεχνῶν.

* * *
ΔΕΞΙΩΣΕΙΣ

Χθές ἐδέχθησαν εἰς τήν Γαλλικήν Πρεσβείαν οἱ ἐκπρόσωποι τῆς Ἑλλάδος. Τό Σάββατον δέχονται εἰς τήν Ὀλλανδικήν Πρεσβείαν.

* * *
ΕΙΣ ΤΟ «ΑΘΗΝΑΙΟΝ»

Ἑσπέρας τῆς Πέμπτης θά εἰς δίδωσιν τήν γνωστήν Ἀθηναϊκήν ὁμιλίαν ὁ Ἀλέξανδρος Σούτσος. Διαφημίζεται ὅτι θά παρευρεθοῦν ὁ κ. Ἀδάμ Δρόσος, ἡ κ. Πολυξένη Κόντου καί ἄλλοι ἐπιφανεῖς.

* * *
ΟΙ ΤΡΕΙΣ ΙΕΡΑΡΧΑΙ ΥΠΕΡ ΤΩΝ ΗΠΕΙΡΩΤΩΝ

Εἰς τήν ἐν Ἰωαννίνοις Πρόεδρον τῆς Ἐπιτροπῆς οἱ Ἀρχιερεῖς τῶν Τριῶν Ἱεραρχῶν ἐξέδωσαν ἔκκλησιν ὑπέρ τῶν Ἠπειρωτῶν πρός τούς πολιτικούς, μηνύοντες τήν ἀνάγκην συνδρομῆς.
